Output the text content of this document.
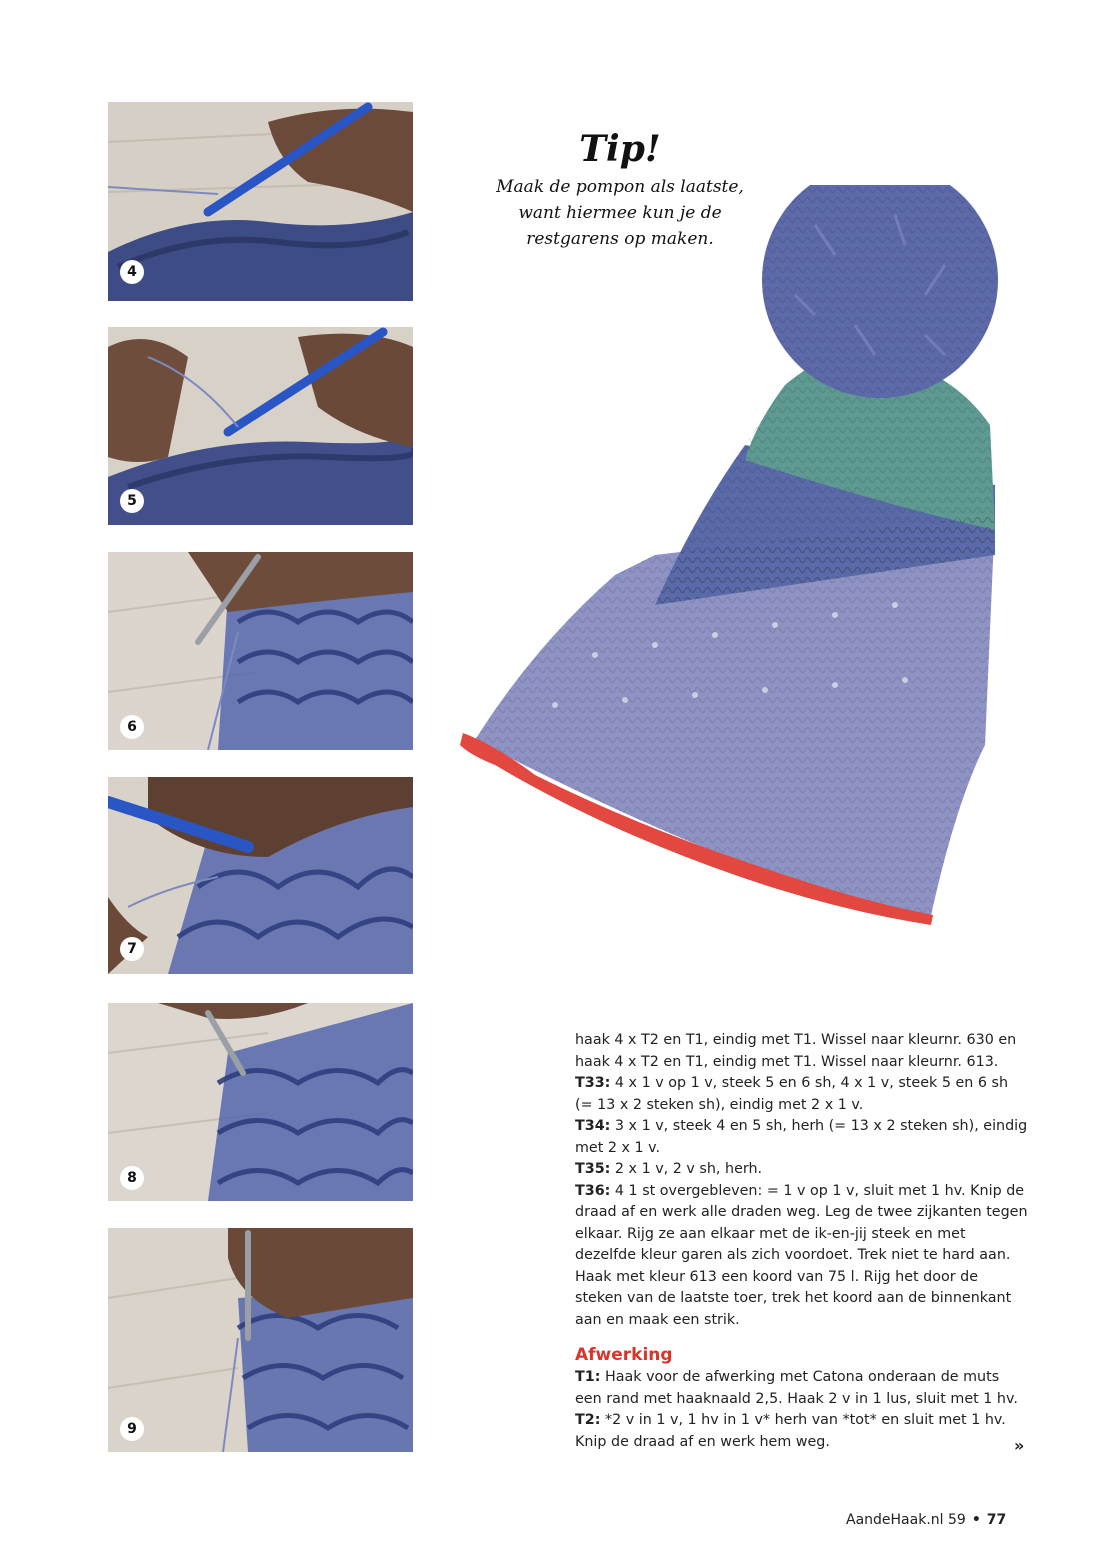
4
5
6
7
8
9
Tip!
Maak de pompon als laatste,
want hiermee kun je de
restgarens op maken.

haak 4 x T2 en T1, eindig met T1. Wissel naar kleurnr. 630 en

haak 4 x T2 en T1, eindig met T1. Wissel naar kleurnr. 613.

T33: 4 x 1 v op 1 v, steek 5 en 6 sh, 4 x 1 v, steek 5 en 6 sh (= 13 x 2 steken sh), eindig met 2 x 1 v.

T34: 3 x 1 v, steek 4 en 5 sh, herh (= 13 x 2 steken sh), eindig met 2 x 1 v.

T35: 2 x 1 v, 2 v sh, herh.

T36: 4 1 st overgebleven: = 1 v op 1 v, sluit met 1 hv. Knip de draad af en werk alle draden weg. Leg de twee zijkanten tegen elkaar. Rijg ze aan elkaar met de ik-en-jij steek en met dezelfde kleur garen als zich voordoet. Trek niet te hard aan. Haak met kleur 613 een koord van 75 l. Rijg het door de steken van de laatste toer, trek het koord aan de binnenkant aan en maak een strik.

Afwerking

T1: Haak voor de afwerking met Catona onderaan de muts een rand met haaknaald 2,5. Haak 2 v in 1 lus, sluit met 1 hv.

T2: *2 v in 1 v, 1 hv in 1 v* herh van *tot* en sluit met 1 hv. Knip de draad af en werk hem weg.	»
AandeHaak.nl 59 • 77
